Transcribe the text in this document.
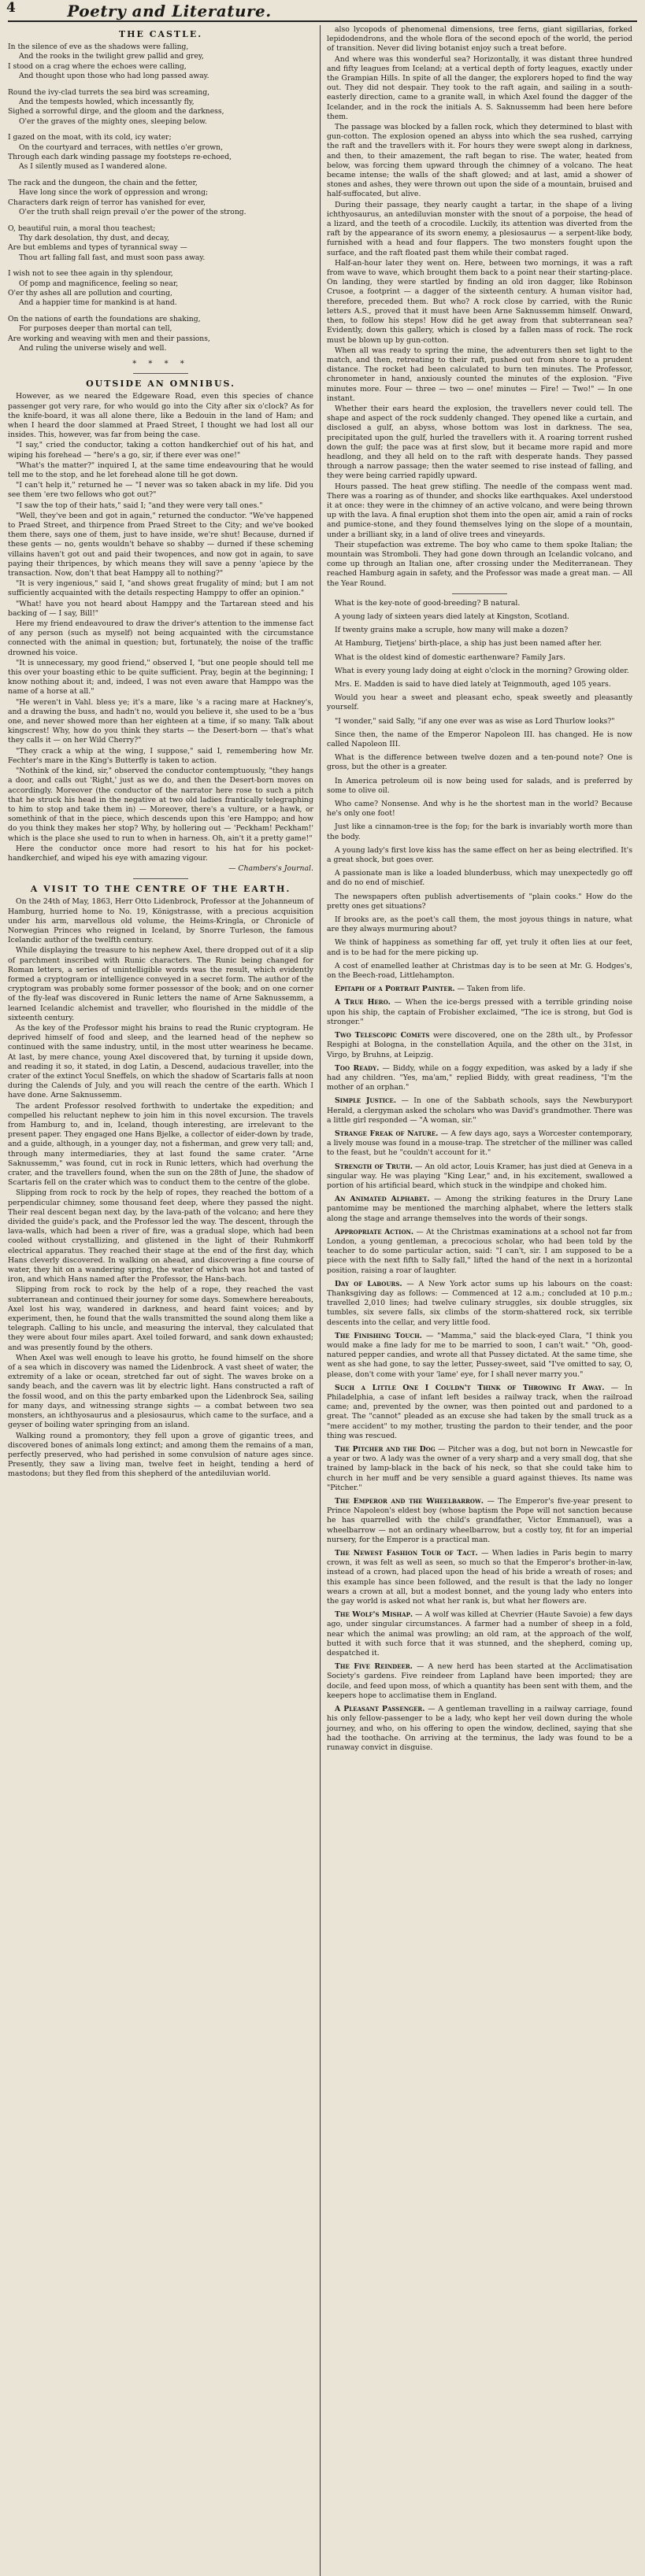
4	Poetry and Literature.
THE CASTLE.

In the silence of eve as the shadows were falling,

And the rooks in the twilight grew pallid and grey,

I stood on a crag where the echoes were calling,

And thought upon those who had long passed away.

Round the ivy-clad turrets the sea bird was screaming,

And the tempests howled, which incessantly fly,

Sighed a sorrowful dirge, and the gloom and the darkness,

O'er the graves of the mighty ones, sleeping below.

I gazed on the moat, with its cold, icy water;

On the courtyard and terraces, with nettles o'er grown,

Through each dark winding passage my footsteps re-echoed,

As I silently mused as I wandered alone.

The rack and the dungeon, the chain and the fetter,

Have long since the work of oppression and wrong;

Characters dark reign of terror has vanished for ever,

O'er the truth shall reign prevail o'er the power of the strong.

O, beautiful ruin, a moral thou teachest;

Thy dark desolation, thy dust, and decay,

Are but emblems and types of tyrannical sway —

Thou art falling fall fast, and must soon pass away.

I wish not to see thee again in thy splendour,

Of pomp and magnificence, feeling so near,

O'er thy ashes all are pollution and courting,

And a happier time for mankind is at hand.

On the nations of earth the foundations are shaking,

For purposes deeper than mortal can tell,

Are working and weaving with men and their passions,

And ruling the universe wisely and well.

* * * *
OUTSIDE AN OMNIBUS.

However, as we neared the Edgeware Road, even this species of chance passenger got very rare, for who would go into the City after six o'clock? As for the knife-board, it was all alone there, like a Bedouin in the land of Ham; and when I heard the door slammed at Praed Street, I thought we had lost all our insides. This, however, was far from being the case.

"I say," cried the conductor, taking a cotton handkerchief out of his hat, and wiping his forehead — "here's a go, sir, if there ever was one!"

"What's the matter?" inquired I, at the same time endeavouring that he would tell me to the stop, and he let forehead alone till he got down.

"I can't help it," returned he — "I never was so taken aback in my life. Did you see them 'ere two fellows who got out?"

"I saw the top of their hats," said I; "and they were very tall ones."

"Well, they've been and got in again," returned the conductor. "We've happened to Praed Street, and thirpence from Praed Street to the City; and we've booked them there, says one of them, just to have inside, we're shut! Because, durned if these gents — no, gents wouldn't behave so shabby — durned if these scheming villains haven't got out and paid their twopences, and now got in again, to save paying their thripences, by which means they will save a penny 'apiece by the transaction. Now, don't that beat Hamppy all to nothing?"

"It is very ingenious," said I, "and shows great frugality of mind; but I am not sufficiently acquainted with the details respecting Hamppy to offer an opinion."

"What! have you not heard about Hamppy and the Tartarean steed and his backing of — I say, Bill!"

Here my friend endeavoured to draw the driver's attention to the immense fact of any person (such as myself) not being acquainted with the circumstance connected with the animal in question; but, fortunately, the noise of the traffic drowned his voice.

"It is unnecessary, my good friend," observed I, "but one people should tell me this over your boasting ethic to be quite sufficient. Pray, begin at the beginning; I know nothing about it; and, indeed, I was not even aware that Hamppo was the name of a horse at all."

"He weren't in Vahl. bless ye; it's a mare, like 's a racing mare at Hackney's, and a drawing the buss, and hadn't no, would you believe it, she used to be a 'bus one, and never showed more than her eighteen at a time, if so many. Talk about kingscrest! Why, how do you think they starts — the Desert-born — that's what they calls it — on her Wild Cherry?"

"They crack a whip at the wing, I suppose," said I, remembering how Mr. Fechter's mare in the King's Butterfly is taken to action.

"Nothink of the kind, sir," observed the conductor contemptuously, "they hangs a door, and calls out 'Right,' just as we do, and then the Desert-born moves on accordingly. Moreover (the conductor of the narrator here rose to such a pitch that he struck his head in the negative at two old ladies frantically telegraphing to him to stop and take them in) — Moreover, there's a vulture, or a hawk, or somethink of that in the piece, which descends upon this 'ere Hamppo; and how do you think they makes her stop? Why, by hollering out — 'Peckham! Peckham!' which is the place she used to run to when in harness. Oh, ain't it a pretty game!"

Here the conductor once more had resort to his hat for his pocket-handkerchief, and wiped his eye with amazing vigour.

— Chambers's Journal.

A VISIT TO THE CENTRE OF THE EARTH.

On the 24th of May, 1863, Herr Otto Lidenbrock, Professor at the Johanneum of Hamburg, hurried home to No. 19, Königstrasse, with a precious acquisition under his arm, marvellous old volume, the Heims-Kringla, or Chronicle of Norwegian Princes who reigned in Iceland, by Snorre Turleson, the famous Icelandic author of the twelfth century.

While displaying the treasure to his nephew Axel, there dropped out of it a slip of parchment inscribed with Runic characters. The Runic being changed for Roman letters, a series of unintelligible words was the result, which evidently formed a cryptogram or intelligence conveyed in a secret form. The author of the cryptogram was probably some former possessor of the book; and on one corner of the fly-leaf was discovered in Runic letters the name of Arne Saknussemm, a learned Icelandic alchemist and traveller, who flourished in the middle of the sixteenth century.

As the key of the Professor might his brains to read the Runic cryptogram. He deprived himself of food and sleep, and the learned head of the nephew so continued with the same industry, until, in the most utter weariness he became. At last, by mere chance, young Axel discovered that, by turning it upside down, and reading it so, it stated, in dog Latin, a Descend, audacious traveller, into the crater of the extinct Yocul Sneffels, on which the shadow of Scartaris falls at noon during the Calends of July, and you will reach the centre of the earth. Which I have done. Arne Saknussemm.

The ardent Professor resolved forthwith to undertake the expedition; and compelled his reluctant nephew to join him in this novel excursion. The travels from Hamburg to, and in, Iceland, though interesting, are irrelevant to the present paper. They engaged one Hans Bjelke, a collector of eider-down by trade, and a guide, although, in a younger day, not a fisherman, and grew very tall; and, through many intermediaries, they at last found the same crater. "Arne Saknussemm," was found, cut in rock in Runic letters, which had overhung the crater, and the travellers found, when the sun on the 28th of June, the shadow of Scartaris fell on the crater which was to conduct them to the centre of the globe.

Slipping from rock to rock by the help of ropes, they reached the bottom of a perpendicular chimney, some thousand feet deep, where they passed the night. Their real descent began next day, by the lava-path of the volcano; and here they divided the guide's pack, and the Professor led the way. The descent, through the lava-walls, which had been a river of fire, was a gradual slope, which had been cooled without crystallizing, and glistened in the light of their Ruhmkorff electrical apparatus. They reached their stage at the end of the first day, which Hans cleverly discovered. In walking on ahead, and discovering a fine course of water, they hit on a wandering spring, the water of which was hot and tasted of iron, and which Hans named after the Professor, the Hans-bach.

Slipping from rock to rock by the help of a rope, they reached the vast subterranean and continued their journey for some days. Somewhere hereabouts, Axel lost his way, wandered in darkness, and heard faint voices; and by experiment, then, he found that the walls transmitted the sound along them like a telegraph. Calling to his uncle, and measuring the interval, they calculated that they were about four miles apart. Axel toiled forward, and sank down exhausted; and was presently found by the others.

When Axel was well enough to leave his grotto, he found himself on the shore of a sea which in discovery was named the Lidenbrock. A vast sheet of water, the extremity of a lake or ocean, stretched far out of sight. The waves broke on a sandy beach, and the cavern was lit by electric light. Hans constructed a raft of the fossil wood, and on this the party embarked upon the Lidenbrock Sea, sailing for many days, and witnessing strange sights — a combat between two sea monsters, an ichthyosaurus and a plesiosaurus, which came to the surface, and a geyser of boiling water springing from an island.

Walking round a promontory, they fell upon a grove of gigantic trees, and discovered bones of animals long extinct; and among them the remains of a man, perfectly preserved, who had perished in some convulsion of nature ages since. Presently, they saw a living man, twelve feet in height, tending a herd of mastodons; but they fled from this shepherd of the antediluvian world.

also lycopods of phenomenal dimensions, tree ferns, giant sigillarias, forked lepidodendrons, and the whole flora of the second epoch of the world, the period of transition. Never did living botanist enjoy such a treat before.

And where was this wonderful sea? Horizontally, it was distant three hundred and fifty leagues from Iceland; at a vertical depth of forty leagues, exactly under the Grampian Hills. In spite of all the danger, the explorers hoped to find the way out. They did not despair. They took to the raft again, and sailing in a south-easterly direction, came to a granite wall, in which Axel found the dagger of the Icelander, and in the rock the initials A. S. Saknussemm had been here before them.

The passage was blocked by a fallen rock, which they determined to blast with gun-cotton. The explosion opened an abyss into which the sea rushed, carrying the raft and the travellers with it. For hours they were swept along in darkness, and then, to their amazement, the raft began to rise. The water, heated from below, was forcing them upward through the chimney of a volcano. The heat became intense; the walls of the shaft glowed; and at last, amid a shower of stones and ashes, they were thrown out upon the side of a mountain, bruised and half-suffocated, but alive.

During their passage, they nearly caught a tartar, in the shape of a living ichthyosaurus, an antediluvian monster with the snout of a porpoise, the head of a lizard, and the teeth of a crocodile. Luckily, its attention was diverted from the raft by the appearance of its sworn enemy, a plesiosaurus — a serpent-like body, furnished with a head and four flappers. The two monsters fought upon the surface, and the raft floated past them while their combat raged.

Half-an-hour later they went on. Here, between two mornings, it was a raft from wave to wave, which brought them back to a point near their starting-place. On landing, they were startled by finding an old iron dagger, like Robinson Crusoe, a footprint — a dagger of the sixteenth century. A human visitor had, therefore, preceded them. But who? A rock close by carried, with the Runic letters A.S., proved that it must have been Arne Saknussemm himself. Onward, then, to follow his steps! How did he get away from that subterranean sea? Evidently, down this gallery, which is closed by a fallen mass of rock. The rock must be blown up by gun-cotton.

When all was ready to spring the mine, the adventurers then set light to the match, and then, retreating to their raft, pushed out from shore to a prudent distance. The rocket had been calculated to burn ten minutes. The Professor, chronometer in hand, anxiously counted the minutes of the explosion. "Five minutes more. Four — three — two — one! minutes — Fire! — Two!" — In one instant.

Whether their ears heard the explosion, the travellers never could tell. The shape and aspect of the rock suddenly changed. They opened like a curtain, and disclosed a gulf, an abyss, whose bottom was lost in darkness. The sea, precipitated upon the gulf, hurled the travellers with it. A roaring torrent rushed down the gulf; the pace was at first slow, but it became more rapid and more headlong, and they all held on to the raft with desperate hands. They passed through a narrow passage; then the water seemed to rise instead of falling, and they were being carried rapidly upward.

Hours passed. The heat grew stifling. The needle of the compass went mad. There was a roaring as of thunder, and shocks like earthquakes. Axel understood it at once: they were in the chimney of an active volcano, and were being thrown up with the lava. A final eruption shot them into the open air, amid a rain of rocks and pumice-stone, and they found themselves lying on the slope of a mountain, under a brilliant sky, in a land of olive trees and vineyards.

Their stupefaction was extreme. The boy who came to them spoke Italian; the mountain was Stromboli. They had gone down through an Icelandic volcano, and come up through an Italian one, after crossing under the Mediterranean. They reached Hamburg again in safety, and the Professor was made a great man. — All the Year Round.

What is the key-note of good-breeding? B natural.

A young lady of sixteen years died lately at Kingston, Scotland.

If twenty grains make a scruple, how many will make a dozen?

At Hamburg, Tietjens' birth-place, a ship has just been named after her.

What is the oldest kind of domestic earthenware? Family Jars.

What is every young lady doing at eight o'clock in the morning? Growing older.

Mrs. E. Madden is said to have died lately at Teignmouth, aged 105 years.

Would you hear a sweet and pleasant echo, speak sweetly and pleasantly yourself.

"I wonder," said Sally, "if any one ever was as wise as Lord Thurlow looks?"

Since then, the name of the Emperor Napoleon III. has changed. He is now called Napoleon III.

What is the difference between twelve dozen and a ten-pound note? One is gross, but the other is a greater.

In America petroleum oil is now being used for salads, and is preferred by some to olive oil.

Who came? Nonsense. And why is he the shortest man in the world? Because he's only one foot!

Just like a cinnamon-tree is the fop; for the bark is invariably worth more than the body.

A young lady's first love kiss has the same effect on her as being electrified. It's a great shock, but goes over.

A passionate man is like a loaded blunderbuss, which may unexpectedly go off and do no end of mischief.

The newspapers often publish advertisements of "plain cooks." How do the pretty ones get situations?

If brooks are, as the poet's call them, the most joyous things in nature, what are they always murmuring about?

We think of happiness as something far off, yet truly it often lies at our feet, and is to be had for the mere picking up.

A cost of enamelled leather at Christmas day is to be seen at Mr. G. Hodges's, on the Beech-road, Littlehampton.

Epitaph of a Portrait Painter. — Taken from life.

A True Hero. — When the ice-bergs pressed with a terrible grinding noise upon his ship, the captain of Frobisher exclaimed, "The ice is strong, but God is stronger."

Two Telescopic Comets were discovered, one on the 28th ult., by Professor Respighi at Bologna, in the constellation Aquila, and the other on the 31st, in Virgo, by Bruhns, at Leipzig.

Too Ready. — Biddy, while on a foggy expedition, was asked by a lady if she had any children. "Yes, ma'am," replied Biddy, with great readiness, "I'm the mother of an orphan."

Simple Justice. — In one of the Sabbath schools, says the Newburyport Herald, a clergyman asked the scholars who was David's grandmother. There was a little girl responded — "A woman, sir."

Strange Freak of Nature. — A few days ago, says a Worcester contemporary, a lively mouse was found in a mouse-trap. The stretcher of the milliner was called to the feast, but he "couldn't account for it."

Strength of Truth. — An old actor, Louis Kramer, has just died at Geneva in a singular way. He was playing "King Lear," and, in his excitement, swallowed a portion of his artificial beard, which stuck in the windpipe and choked him.

An Animated Alphabet. — Among the striking features in the Drury Lane pantomime may be mentioned the marching alphabet, where the letters stalk along the stage and arrange themselves into the words of their songs.

Appropriate Action. — At the Christmas examinations at a school not far from London, a young gentleman, a precocious scholar, who had been told by the teacher to do some particular action, said: "I can't, sir. I am supposed to be a piece with the next fifth to Sally fall," lifted the hand of the next in a horizontal position, raising a roar of laughter.

Day of Labours. — A New York actor sums up his labours on the coast: Thanksgiving day as follows: — Commenced at 12 a.m.; concluded at 10 p.m.; travelled 2,010 lines; had twelve culinary struggles, six double struggles, six tumbles, six severe falls, six climbs of the storm-shattered rock, six terrible descents into the cellar, and very little food.

The Finishing Touch. — "Mamma," said the black-eyed Clara, "I think you would make a fine lady for me to be married to soon, I can't wait." "Oh, good-natured pepper candies, and wrote all that Pussey dictated. At the same time, she went as she had gone, to say the letter, Pussey-sweet, said "I've omitted to say, O, please, don't come with your 'lame' eye, for I shall never marry you."

Such a Little One I Couldn't Think of Throwing It Away. — In Philadelphia, a case of infant left besides a railway track, when the railroad came; and, prevented by the owner, was then pointed out and pardoned to a great. The "cannot" pleaded as an excuse she had taken by the small truck as a "mere accident" to my mother, trusting the pardon to their tender, and the poor thing was rescued.

The Pitcher and the Dog — Pitcher was a dog, but not born in Newcastle for a year or two. A lady was the owner of a very sharp and a very small dog, that she trained by lamp-black in the back of his neck, so that she could take him to church in her muff and be very sensible a guard against thieves. Its name was "Pitcher."

The Emperor and the Wheelbarrow. — The Emperor's five-year present to Prince Napoleon's eldest boy (whose baptism the Pope will not sanction because he has quarrelled with the child's grandfather, Victor Emmanuel), was a wheelbarrow — not an ordinary wheelbarrow, but a costly toy, fit for an imperial nursery, for the Emperor is a practical man.

The Newest Fashion Tour of Tact. — When ladies in Paris begin to marry crown, it was felt as well as seen, so much so that the Emperor's brother-in-law, instead of a crown, had placed upon the head of his bride a wreath of roses; and this example has since been followed, and the result is that the lady no longer wears a crown at all, but a modest bonnet, and the young lady who enters into the gay world is asked not what her rank is, but what her flowers are.

The Wolf's Mishap. — A wolf was killed at Chevrier (Haute Savoie) a few days ago, under singular circumstances. A farmer had a number of sheep in a fold, near which the animal was prowling; an old ram, at the approach of the wolf, butted it with such force that it was stunned, and the shepherd, coming up, despatched it.

The Five Reindeer. — A new herd has been started at the Acclimatisation Society's gardens. Five reindeer from Lapland have been imported; they are docile, and feed upon moss, of which a quantity has been sent with them, and the keepers hope to acclimatise them in England.

A Pleasant Passenger. — A gentleman travelling in a railway carriage, found his only fellow-passenger to be a lady, who kept her veil down during the whole journey, and who, on his offering to open the window, declined, saying that she had the toothache. On arriving at the terminus, the lady was found to be a runaway convict in disguise.
